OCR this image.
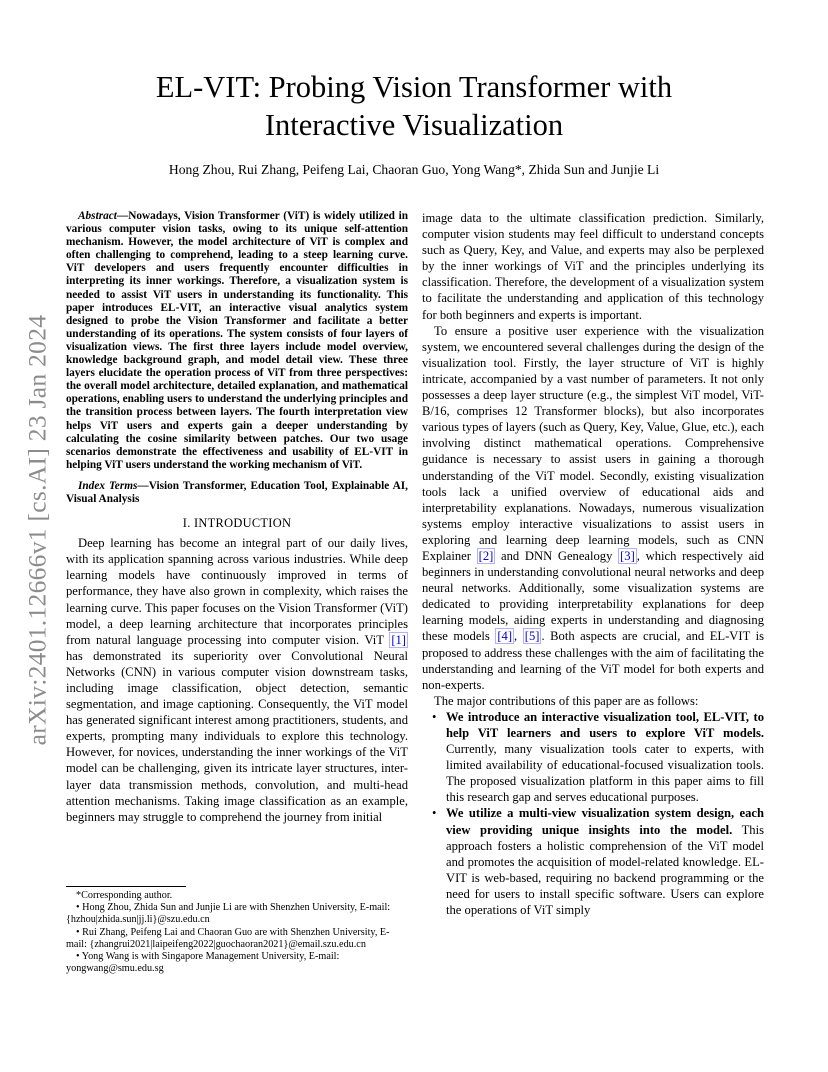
arXiv:2401.12666v1 [cs.AI] 23 Jan 2024
EL-VIT: Probing Vision Transformer with
Interactive Visualization
Hong Zhou, Rui Zhang, Peifeng Lai, Chaoran Guo, Yong Wang*, Zhida Sun and Junjie Li

Abstract—Nowadays, Vision Transformer (ViT) is widely utilized in various computer vision tasks, owing to its unique self-attention mechanism. However, the model architecture of ViT is complex and often challenging to comprehend, leading to a steep learning curve. ViT developers and users frequently encounter difficulties in interpreting its inner workings. Therefore, a visualization system is needed to assist ViT users in understanding its functionality. This paper introduces EL-VIT, an interactive visual analytics system designed to probe the Vision Transformer and facilitate a better understanding of its operations. The system consists of four layers of visualization views. The first three layers include model overview, knowledge background graph, and model detail view. These three layers elucidate the operation process of ViT from three perspectives: the overall model architecture, detailed explanation, and mathematical operations, enabling users to understand the underlying principles and the transition process between layers. The fourth interpretation view helps ViT users and experts gain a deeper understanding by calculating the cosine similarity between patches. Our two usage scenarios demonstrate the effectiveness and usability of EL-VIT in helping ViT users understand the working mechanism of ViT.

Index Terms—Vision Transformer, Education Tool, Explainable AI, Visual Analysis

I. INTRODUCTION

Deep learning has become an integral part of our daily lives, with its application spanning across various industries. While deep learning models have continuously improved in terms of performance, they have also grown in complexity, which raises the learning curve. This paper focuses on the Vision Transformer (ViT) model, a deep learning architecture that incorporates principles from natural language processing into computer vision. ViT [1] has demonstrated its superiority over Convolutional Neural Networks (CNN) in various computer vision downstream tasks, including image classification, object detection, semantic segmentation, and image captioning. Consequently, the ViT model has generated significant interest among practitioners, students, and experts, prompting many individuals to explore this technology. However, for novices, understanding the inner workings of the ViT model can be challenging, given its intricate layer structures, inter-layer data transmission methods, convolution, and multi-head attention mechanisms. Taking image classification as an example, beginners may struggle to comprehend the journey from initial

*Corresponding author.

• Hong Zhou, Zhida Sun and Junjie Li are with Shenzhen University, E-mail: {hzhou|zhida.sun|jj.li}@szu.edu.cn

• Rui Zhang, Peifeng Lai and Chaoran Guo are with Shenzhen University, E-mail: {zhangrui2021|laipeifeng2022|guochaoran2021}@email.szu.edu.cn

• Yong Wang is with Singapore Management University, E-mail: yongwang@smu.edu.sg

image data to the ultimate classification prediction. Similarly, computer vision students may feel difficult to understand concepts such as Query, Key, and Value, and experts may also be perplexed by the inner workings of ViT and the principles underlying its classification. Therefore, the development of a visualization system to facilitate the understanding and application of this technology for both beginners and experts is important.

To ensure a positive user experience with the visualization system, we encountered several challenges during the design of the visualization tool. Firstly, the layer structure of ViT is highly intricate, accompanied by a vast number of parameters. It not only possesses a deep layer structure (e.g., the simplest ViT model, ViT-B/16, comprises 12 Transformer blocks), but also incorporates various types of layers (such as Query, Key, Value, Glue, etc.), each involving distinct mathematical operations. Comprehensive guidance is necessary to assist users in gaining a thorough understanding of the ViT model. Secondly, existing visualization tools lack a unified overview of educational aids and interpretability explanations. Nowadays, numerous visualization systems employ interactive visualizations to assist users in exploring and learning deep learning models, such as CNN Explainer [2] and DNN Genealogy [3] , which respectively aid beginners in understanding convolutional neural networks and deep neural networks. Additionally, some visualization systems are dedicated to providing interpretability explanations for deep learning models, aiding experts in understanding and diagnosing these models [4] , [5] . Both aspects are crucial, and EL-VIT is proposed to address these challenges with the aim of facilitating the understanding and learning of the ViT model for both experts and non-experts.

The major contributions of this paper are as follows:

• We introduce an interactive visualization tool, EL-VIT, to help ViT learners and users to explore ViT models. Currently, many visualization tools cater to experts, with limited availability of educational-focused visualization tools. The proposed visualization platform in this paper aims to fill this research gap and serves educational purposes.
• We utilize a multi-view visualization system design, each view providing unique insights into the model. This approach fosters a holistic comprehension of the ViT model and promotes the acquisition of model-related knowledge. EL-VIT is web-based, requiring no backend programming or the need for users to install specific software. Users can explore the operations of ViT simply
